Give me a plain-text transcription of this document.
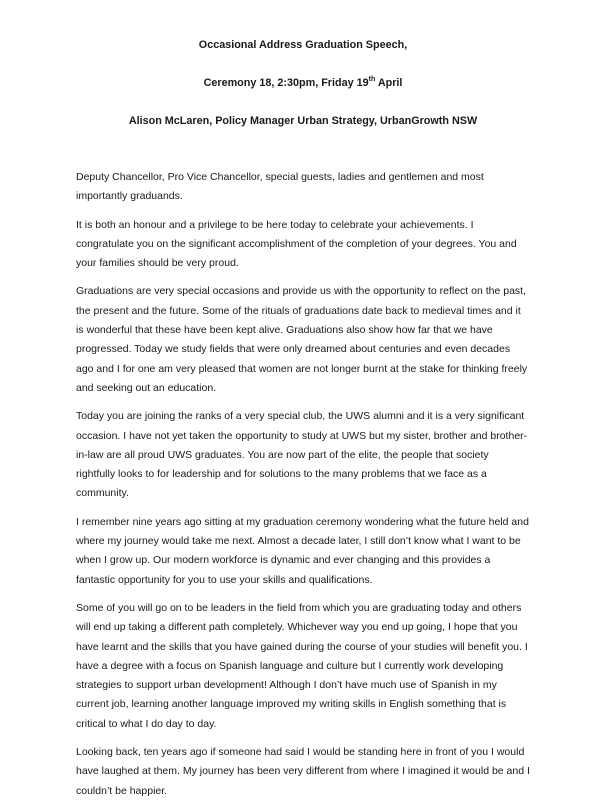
Occasional Address Graduation Speech,

Ceremony 18, 2:30pm, Friday 19th April

Alison McLaren, Policy Manager Urban Strategy, UrbanGrowth NSW

Deputy Chancellor, Pro Vice Chancellor, special guests, ladies and gentlemen and most importantly graduands.

It is both an honour and a privilege to be here today to celebrate your achievements. I congratulate you on the significant accomplishment of the completion of your degrees. You and your families should be very proud.

Graduations are very special occasions and provide us with the opportunity to reflect on the past, the present and the future. Some of the rituals of graduations date back to medieval times and it is wonderful that these have been kept alive. Graduations also show how far that we have progressed. Today we study fields that were only dreamed about centuries and even decades ago and I for one am very pleased that women are not longer burnt at the stake for thinking freely and seeking out an education.

Today you are joining the ranks of a very special club, the UWS alumni and it is a very significant occasion. I have not yet taken the opportunity to study at UWS but my sister, brother and brother-in-law are all proud UWS graduates. You are now part of the elite, the people that society rightfully looks to for leadership and for solutions to the many problems that we face as a community.

I remember nine years ago sitting at my graduation ceremony wondering what the future held and where my journey would take me next. Almost a decade later, I still don’t know what I want to be when I grow up. Our modern workforce is dynamic and ever changing and this provides a fantastic opportunity for you to use your skills and qualifications.

Some of you will go on to be leaders in the field from which you are graduating today and others will end up taking a different path completely. Whichever way you end up going, I hope that you have learnt and the skills that you have gained during the course of your studies will benefit you. I have a degree with a focus on Spanish language and culture but I currently work developing strategies to support urban development! Although I don’t have much use of Spanish in my current job, learning another language improved my writing skills in English something that is critical to what I do day to day.

Looking back, ten years ago if someone had said I would be standing here in front of you I would have laughed at them. My journey has been very different from where I imagined it would be and I couldn’t be happier.
